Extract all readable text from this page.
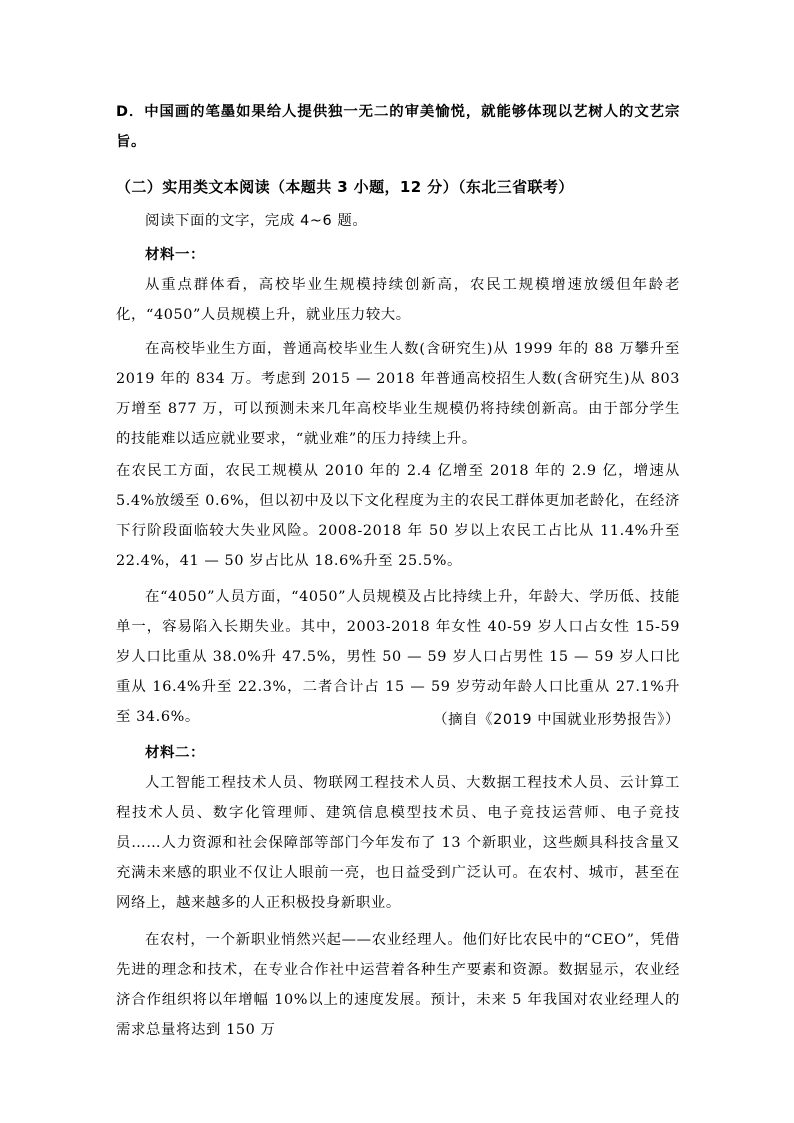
D．中国画的笔墨如果给人提供独一无二的审美愉悦，就能够体现以艺树人的文艺宗旨。

（二）实用类文本阅读（本题共 3 小题，12 分）（东北三省联考）

阅读下面的文字，完成 4~6 题。

材料一：

从重点群体看，高校毕业生规模持续创新高，农民工规模增速放缓但年龄老化，“4050”人员规模上升，就业压力较大。

在高校毕业生方面，普通高校毕业生人数(含研究生)从 1999 年的 88 万攀升至 2019 年的 834 万。考虑到 2015 — 2018 年普通高校招生人数(含研究生)从 803 万增至 877 万，可以预测未来几年高校毕业生规模仍将持续创新高。由于部分学生的技能难以适应就业要求，“就业难”的压力持续上升。

在农民工方面，农民工规模从 2010 年的 2.4 亿增至 2018 年的 2.9 亿，增速从 5.4%放缓至 0.6%，但以初中及以下文化程度为主的农民工群体更加老龄化，在经济下行阶段面临较大失业风险。2008-2018 年 50 岁以上农民工占比从 11.4%升至 22.4%，41 — 50 岁占比从 18.6%升至 25.5%。

在“4050”人员方面，“4050”人员规模及占比持续上升，年龄大、学历低、技能单一，容易陷入长期失业。其中，2003-2018 年女性 40-59 岁人口占女性 15-59 岁人口比重从 38.0%升 47.5%，男性 50 — 59 岁人口占男性 15 — 59 岁人口比重从 16.4%升至 22.3%，二者合计占 15 — 59 岁劳动年龄人口比重从 27.1%升至 34.6%。	（摘自《2019 中国就业形势报告》）

材料二：

人工智能工程技术人员、物联网工程技术人员、大数据工程技术人员、云计算工程技术人员、数字化管理师、建筑信息模型技术员、电子竞技运营师、电子竞技员……人力资源和社会保障部等部门今年发布了 13 个新职业，这些颇具科技含量又充满未来感的职业不仅让人眼前一亮，也日益受到广泛认可。在农村、城市，甚至在网络上，越来越多的人正积极投身新职业。

在农村，一个新职业悄然兴起——农业经理人。他们好比农民中的“CEO”，凭借先进的理念和技术，在专业合作社中运营着各种生产要素和资源。数据显示，农业经济合作组织将以年增幅 10%以上的速度发展。预计，未来 5 年我国对农业经理人的需求总量将达到 150 万
